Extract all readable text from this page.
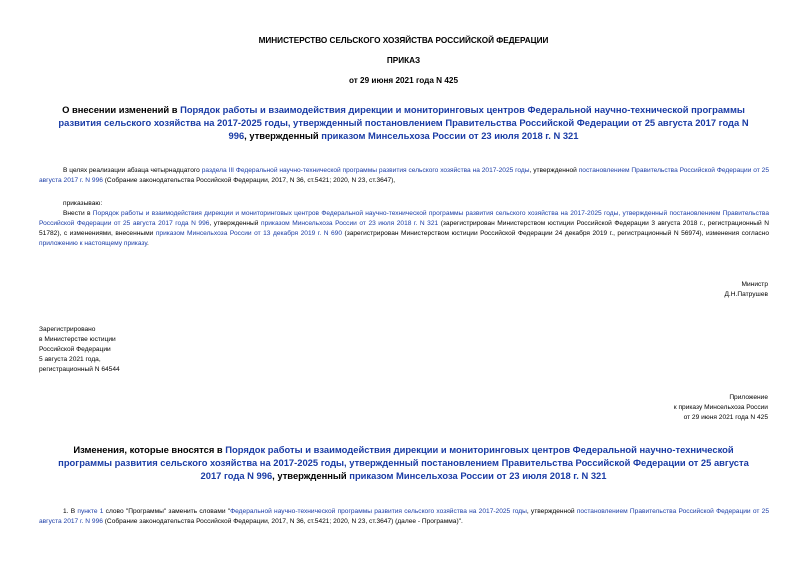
МИНИСТЕРСТВО СЕЛЬСКОГО ХОЗЯЙСТВА РОССИЙСКОЙ ФЕДЕРАЦИИ
ПРИКАЗ
от 29 июня 2021 года N 425
О внесении изменений в Порядок работы и взаимодействия дирекции и мониторинговых центров Федеральной научно-технической программы развития сельского хозяйства на 2017-2025 годы, утвержденный постановлением Правительства Российской Федерации от 25 августа 2017 года N 996, утвержденный приказом Минсельхоза России от 23 июля 2018 г. N 321

В целях реализации абзаца четырнадцатого раздела III Федеральной научно-технической программы развития сельского хозяйства на 2017-2025 годы, утвержденной постановлением Правительства Российской Федерации от 25 августа 2017 г. N 996 (Собрание законодательства Российской Федерации, 2017, N 36, ст.5421; 2020, N 23, ст.3647),

приказываю:

Внести в Порядок работы и взаимодействия дирекции и мониторинговых центров Федеральной научно-технической программы развития сельского хозяйства на 2017-2025 годы, утвержденный постановлением Правительства Российской Федерации от 25 августа 2017 года N 996, утвержденный приказом Минсельхоза России от 23 июля 2018 г. N 321 (зарегистрирован Министерством юстиции Российской Федерации 3 августа 2018 г., регистрационный N 51782), с изменениями, внесенными приказом Минсельхоза России от 13 декабря 2019 г. N 690 (зарегистрирован Министерством юстиции Российской Федерации 24 декабря 2019 г., регистрационный N 56974), изменения согласно приложению к настоящему приказу.

Министр
Д.Н.Патрушев
Зарегистрировано
в Министерстве юстиции
Российской Федерации
5 августа 2021 года,
регистрационный N 64544
Приложение
к приказу Минсельхоза России
от 29 июня 2021 года N 425
Изменения, которые вносятся в Порядок работы и взаимодействия дирекции и мониторинговых центров Федеральной научно-технической программы развития сельского хозяйства на 2017-2025 годы, утвержденный постановлением Правительства Российской Федерации от 25 августа 2017 года N 996, утвержденный приказом Минсельхоза России от 23 июля 2018 г. N 321

1. В пункте 1 слово "Программы" заменить словами "Федеральной научно-технической программы развития сельского хозяйства на 2017-2025 годы, утвержденной постановлением Правительства Российской Федерации от 25 августа 2017 г. N 996 (Собрание законодательства Российской Федерации, 2017, N 36, ст.5421; 2020, N 23, ст.3647) (далее - Программа)".
